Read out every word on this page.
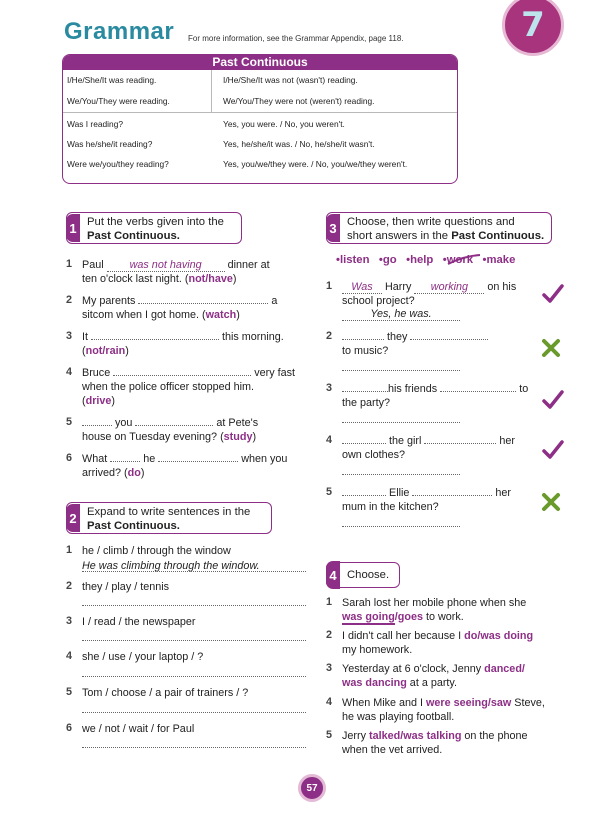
Grammar For more information, see the Grammar Appendix, page 118.	7
Past Continuous
I/He/She/It was reading.	I/He/She/It was not (wasn't) reading.
We/You/They were reading.	We/You/They were not (weren't) reading.
Was I reading?	Yes, you were. / No, you weren't.
Was he/she/it reading?	Yes, he/she/it was. / No, he/she/it wasn't.
Were we/you/they reading?	Yes, you/we/they were. / No, you/we/they weren't.
1 Put the verbs given into the
Past Continuous.
1 Paul was not having dinner at
ten o'clock last night. (not/have)
2 My parents	a
sitcom when I got home. (watch)
3 It	this morning.
(not/rain)
4 Bruce	very fast
when the police officer stopped him.
(drive)
5	you	at Pete's
house on Tuesday evening? (study)
6 What	he	when you
arrived? (do)
2 Expand to write sentences in the
Past Continuous.
1 he / climb / through the window
He was climbing through the window.
2 they / play / tennis
3 I / read / the newspaper
4 she / use / your laptop / ?
5 Tom / choose / a pair of trainers / ?
6 we / not / wait / for Paul
3 Choose, then write questions and
short answers in the Past Continuous.
•listen •go •help •work •make
1	Was Harry working on his
school project?
Yes, he was.
2	they
to music?
3	his friends	to
the party?
4	the girl	her
own clothes?
5	Ellie	her
mum in the kitchen?
4 Choose.
1 Sarah lost her mobile phone when she
was going/goes to work.
2 I didn't call her because I do/was doing
my homework.
3 Yesterday at 6 o'clock, Jenny danced/
was dancing at a party.
4 When Mike and I were seeing/saw Steve,
he was playing football.
5 Jerry talked/was talking on the phone
when the vet arrived.
57
